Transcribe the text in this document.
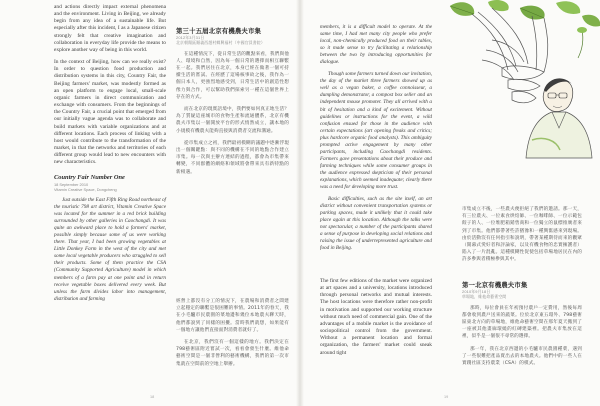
and actions directly impact external phenomena and the environment. Living in Beijing, we already begin from any idea of a sustainable life. But especially after this incident, I as a Japanese citizen strongly felt that creative imagination and collaboration in everyday life provide the means to explore another way of being in this world.

In the context of Beijing, how can we really exist? In order to question food production and distribution systems in this city, Country Fair, the Beijing farmers' market, was modestly formed as an open platform to engage local, small-scale organic farmers in direct communication and exchange with consumers. From the beginnings of the Country Fair, a crucial point that emerged from our initially vague agenda was to collaborate and build markets with variable organizations and at different locations. Each process of linking with a host would contribute to the transformation of the market, in that the networks and territories of each different group would lead to new encounters with new characteristics.

Country Fair Number One
18 September 2010
Vitamin Creative Space, Dongcheng
Just outside the East Fifth Ring Road northeast of the touristic 798 art district, Vitamin Creative Space was located for the summer in a red brick building surrounded by other galleries in Caochangdi. It was quite an awkward place to hold a farmers' market, possible simply because some of us were working there. That year, I had been growing vegetables at Little Donkey Farm in the west of the city and met some local vegetable producers who struggled to sell their products. Some of them practice the CSA (Community Supported Agriculture) model in which members of a farm pay at one point and in return receive vegetable boxes delivered every week. But unless the farm divides labor into management, distribution and farming
第三十五屆北京有機農夫市集
2012年3月31日
北京朝陽區順義西趙村鄉興福村（中國官員書院）

在這種情況下，從日常生活的觀點來看，我們與他人、環境和自然，因為每一個日常的選擇而相互聯繫在一起。我們居住在北京，本身已經在做著一個可持續生活的嘗試。在經歷了這場核事故之後，我作為一個日本人，更強烈地感受到，日常生活中的創造性想像力與合作，可以幫助我們探索另一種在這個世界上存在的方式。

而在北京的現實語境中，我們要如何真正地生活？為了質疑這座城市的食物生產和流通體系，北京有機農夫市集以一個開放平台的形式悄然成立，讓本地的小規模有機農夫能夠直接與消費者交流和溝通。

從市集成立之初，我們最初模糊的議題中逐漸浮現出一個關鍵點：與不同的機構在不同的地點合作建立市集。每一次與主辦方連結的過程，都會為市集帶來轉變，不同群體的網絡和領域將會帶來具有新特點的新相遇。

經營上都沒有分工的情況下，在農場和消費者之間建立起穩定的聯繫是很困難的事情。2011年的春天，我在小毛驢市民農園的菜地邊和幾位本地農夫聊天時，他們都說到了同樣的困擾。當時我們就想，如果能有一個地方讓他們直接面對消費者就好了。

在北京，我們沒有一個這樣的地方。我們決定在798藝術區附近嘗試一次，看看會發生什麼。維他命藝術空間是一個非營利的藝術機構，我們的第一次市集就在空間前的空地上舉辦。

18

members, it is a difficult model to operate. At the same time, I had met many city people who prefer local, non-chemically produced food on their tables, so it made sense to try facilitating a relationship between the two by introducing opportunities for dialogue.

Though some farmers turned down our invitation, the day of the market three farmers showed up as well as a vegan baker, a coffee connoisseur, a dumpling demonstrator, a compost box seller and an independent mouse promoter. They all arrived with a bit of hesitation and a kind of excitement. Without guidelines or instructions for the event, a wild confusion ensued for those in the audience with certain expectations (art opening freaks and critics; plus hardcore organic food analysts). This ambiguity prompted active engagement by many other participants, including Caochangdi residents. Farmers gave presentations about their produce and farming techniques while some consumer groups in the audience expressed skepticism of their personal explanations, which seemed inadequate; clearly there was a need for developing more trust.

Basic difficulties, such as the site itself, an art district without convenient transportation systems or parking spaces, made it unlikely that it could take place again at this location. Although the talks were not spectacular, a number of the participants shared a sense of purpose in developing social relations and raising the issue of underrepresented agriculture and food in Beijing.

The first few editions of the market were organized at art spaces and a university, locations introduced through personal networks and mutual interests. The host locations were therefore rather non-profit in motivation and supported our working structure without much need of commercial gain. One of the advantages of a mobile market is the avoidance of sociopolitical control from the government. Without a permanent location and formal organization, the farmers' market could sneak around tight

市集成立不後，一些農夫便拒絕了我們的邀請。那一天，有三位農夫、一位素食烘焙師、一位咖啡師、一位示範包餃子的人、一位堆肥箱銷售商和一位獨立的鼠標推廣者來到了市集。他們都帶著些許猶豫和一種興奮感來到現場。由於活動沒有任何指引和說明，帶著某種期待而來的觀眾（開幕式愛好者和評論家，以及有機食物的忠實擁護者）陷入了一片混亂。這種模糊性促使包括草場地居民在內的許多參與者積極參與其中。

第一北京有機農夫市集
2010年9月18日
草場地，維他命藝術空間

那時，每位會員在年初預付農戶一定費用，然後每周都會收到農戶送來的蔬菜。位於北京東五環外、798藝術區東北方向的草場地，維他命藝術空間在那年夏天搬到了一座被其他畫廊環繞的紅磚建築裡。把農夫市集放在這裡，似乎是一個很不尋常的選擇。

那一年，我在北京西邊的小毛驢市民農園種菜，遇到了一些很難把產品賣出去的本地農夫。他們中的一些人在實踐社區支持農業（CSA）的模式。

19
